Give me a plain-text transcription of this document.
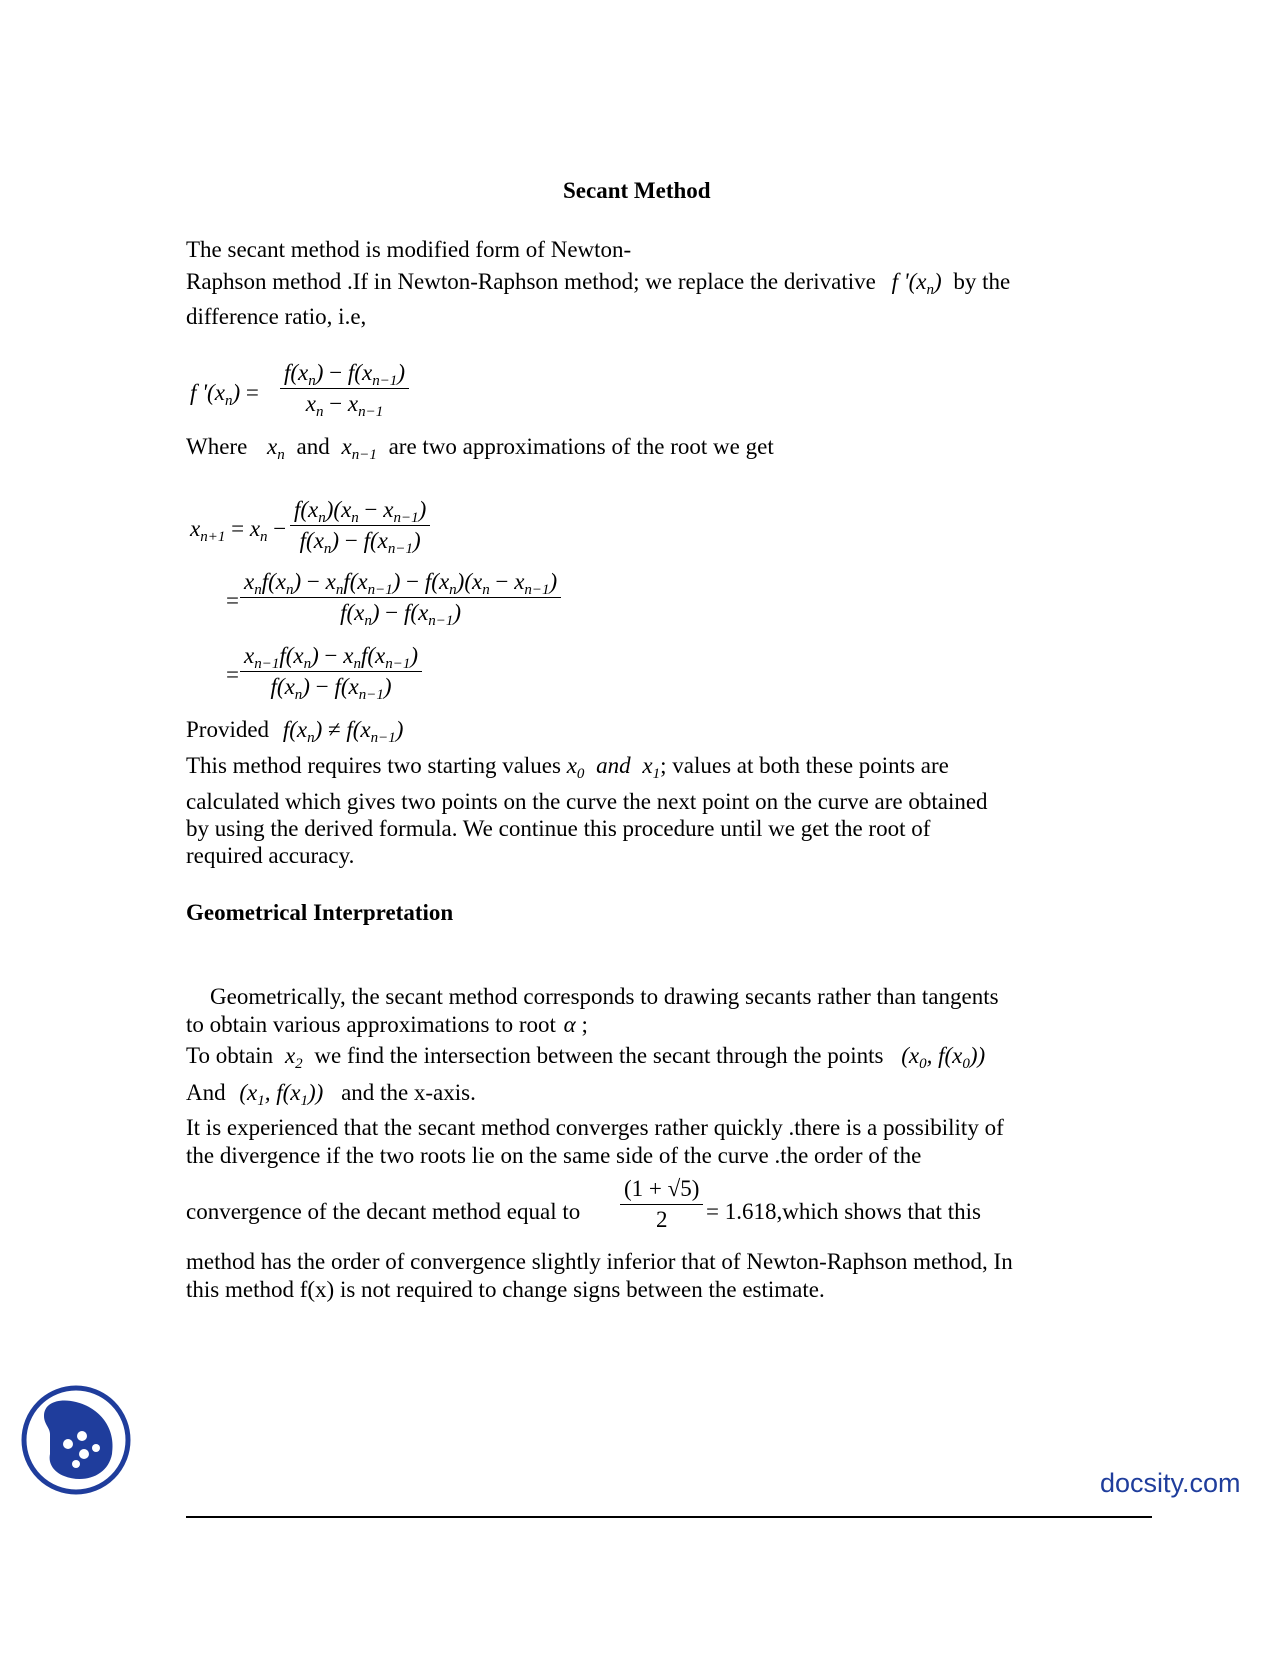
Secant Method
The secant method is modified form of Newton-
Raphson method .If in Newton-Raphson method; we replace the derivative f '$(x_n)$ by the
difference ratio, i.e,
f '$(x_n) = \frac{f(x_n) - f(x_{n-1})}{x_n - x_{n-1}}$
Where $x_n$ and $x_{n-1}$ are two approximations of the root we get
$x_{n+1} = x_n - \frac{f(x_n)(x_n - x_{n-1})}{f(x_n) - f(x_{n-1})}$
=
$x_nf(x_n) - x_nf(x_{n-1}) - f(x_n)(x_n - x_{n-1})$
$f(x_n) - f(x_{n-1})$
=
$x_{n-1}f(x_n) - x_nf(x_{n-1})$
$f(x_n) - f(x_{n-1})$
Provided $f(x_n) \ne f(x_{n-1})$
This method requires two starting values $x_0$ and $x_1$; values at both these points are
calculated which gives two points on the curve the next point on the curve are obtained
by using the derived formula. We continue this procedure until we get the root of
required accuracy.
Geometrical Interpretation
Geometrically, the secant method corresponds to drawing secants rather than tangents
to obtain various approximations to root α ;
To obtain $x_2$ we find the intersection between the secant through the points ($x_0$, $f(x_0)$)
And ($x_1$, $f(x_1)$) and the x-axis.
It is experienced that the secant method converges rather quickly .there is a possibility of
the divergence if the two roots lie on the same side of the curve .the order of the
convergence of the decant method equal to $\frac{(1 + √5)}{2}$ = 1.618,which shows that this
method has the order of convergence slightly inferior that of Newton-Raphson method, In
this method f(x) is not required to change signs between the estimate.
docsity.com
